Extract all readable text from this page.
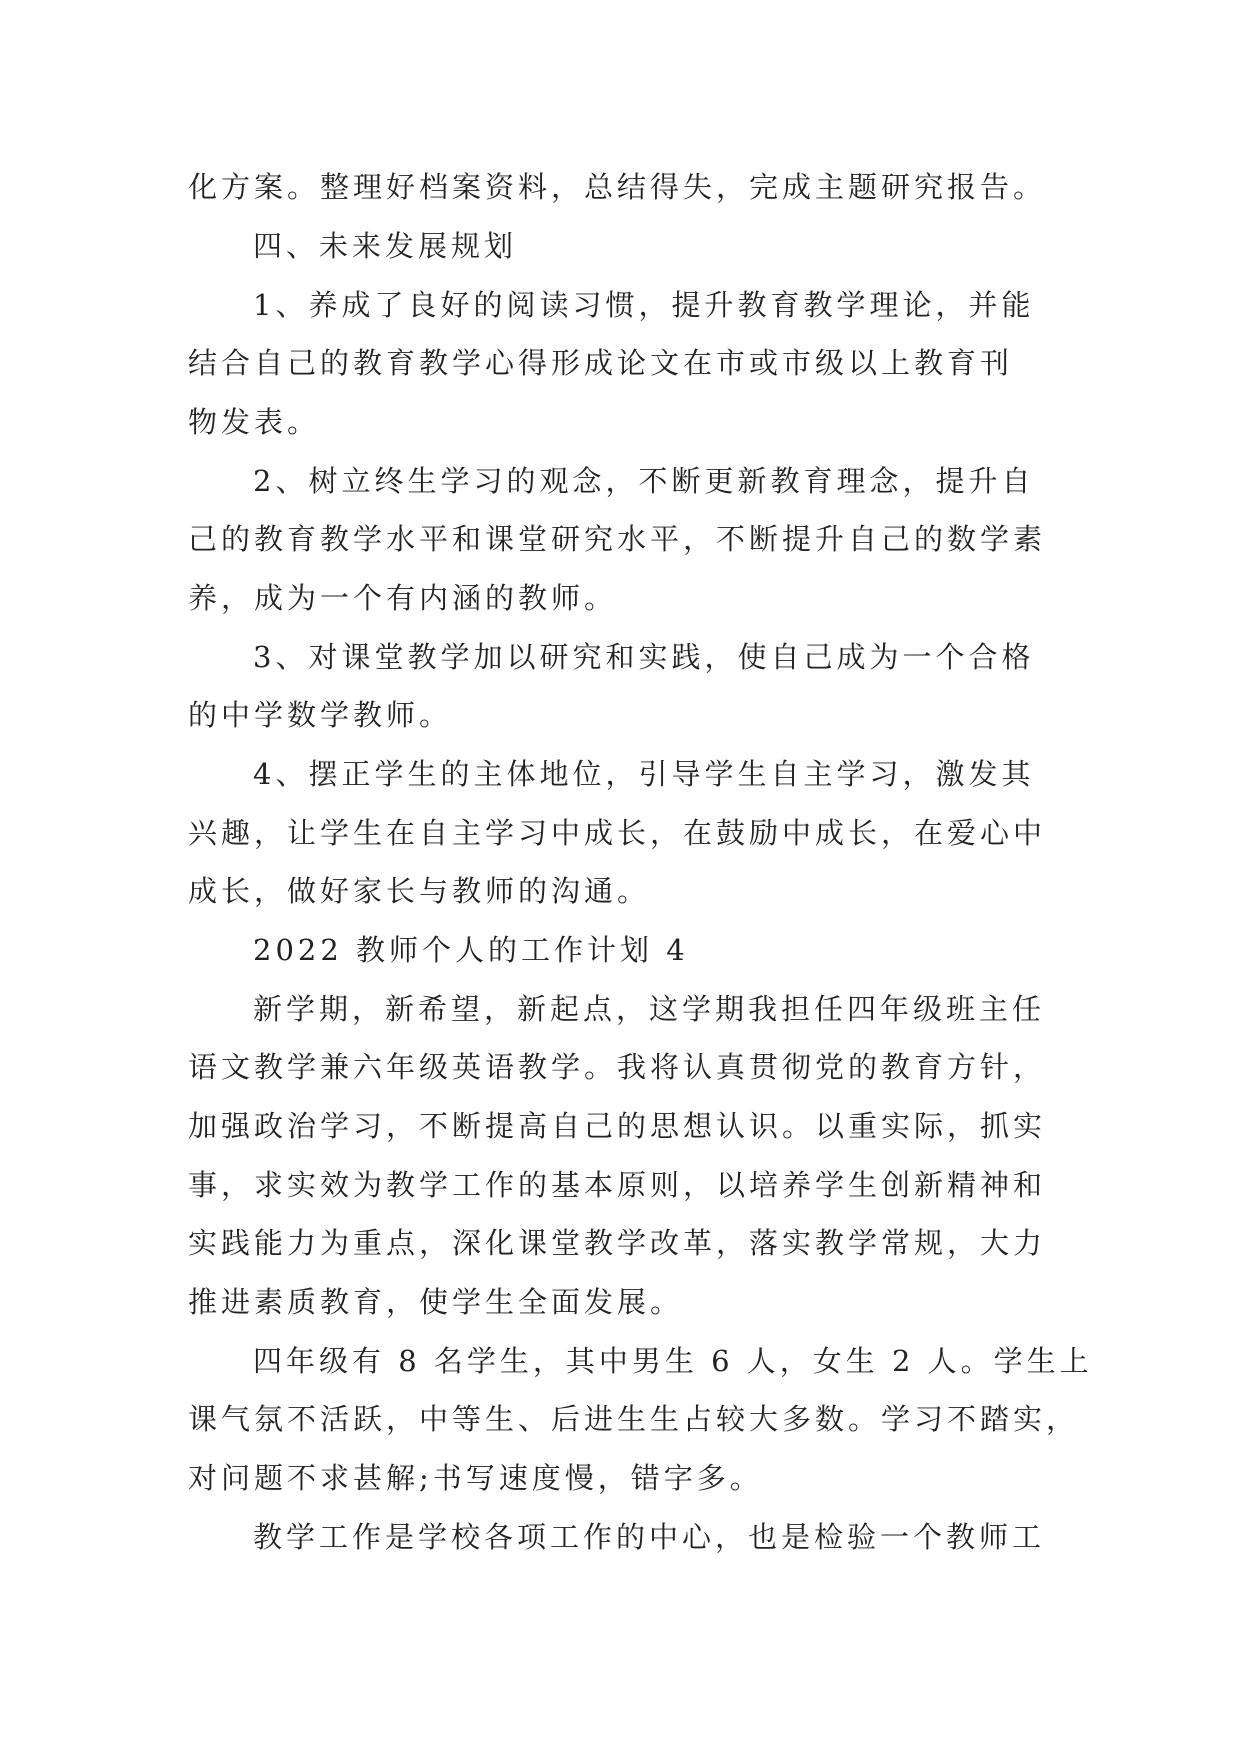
化方案。整理好档案资料，总结得失，完成主题研究报告。
四、未来发展规划
1、养成了良好的阅读习惯，提升教育教学理论，并能
结合自己的教育教学心得形成论文在市或市级以上教育刊
物发表。
2、树立终生学习的观念，不断更新教育理念，提升自
己的教育教学水平和课堂研究水平，不断提升自己的数学素
养，成为一个有内涵的教师。
3、对课堂教学加以研究和实践，使自己成为一个合格
的中学数学教师。
4、摆正学生的主体地位，引导学生自主学习，激发其
兴趣，让学生在自主学习中成长，在鼓励中成长，在爱心中
成长，做好家长与教师的沟通。
2022 教师个人的工作计划 4
新学期，新希望，新起点，这学期我担任四年级班主任
语文教学兼六年级英语教学。我将认真贯彻党的教育方针，
加强政治学习，不断提高自己的思想认识。以重实际，抓实
事，求实效为教学工作的基本原则，以培养学生创新精神和
实践能力为重点，深化课堂教学改革，落实教学常规，大力
推进素质教育，使学生全面发展。
四年级有 8 名学生，其中男生 6 人，女生 2 人。学生上
课气氛不活跃，中等生、后进生生占较大多数。学习不踏实，
对问题不求甚解;书写速度慢，错字多。
教学工作是学校各项工作的中心，也是检验一个教师工
